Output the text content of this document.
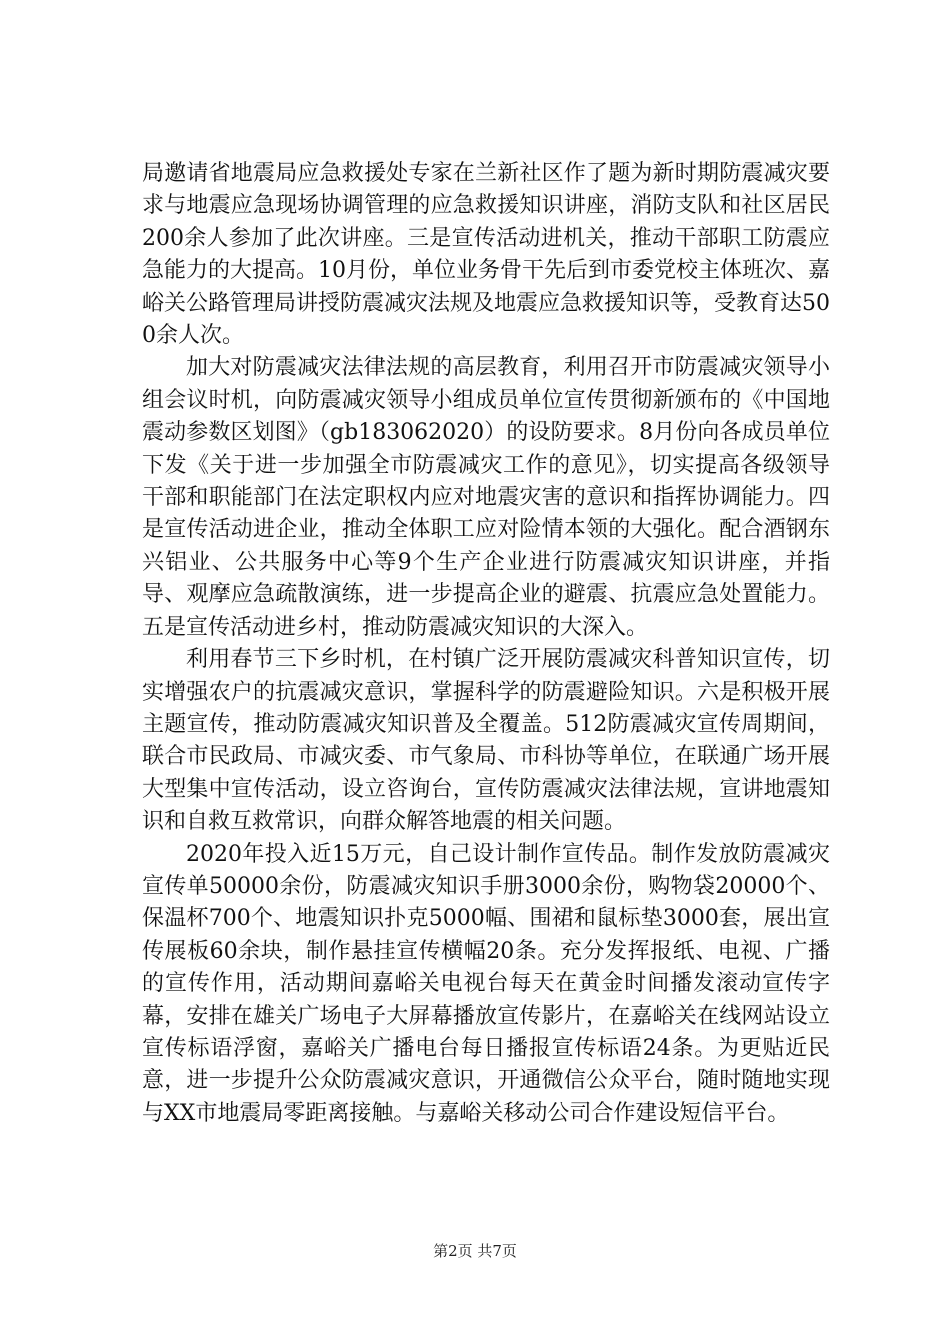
局邀请省地震局应急救援处专家在兰新社区作了题为新时期防震减灾要求与地震应急现场协调管理的应急救援知识讲座，消防支队和社区居民200余人参加了此次讲座。三是宣传活动进机关，推动干部职工防震应急能力的大提高。10月份，单位业务骨干先后到市委党校主体班次、嘉峪关公路管理局讲授防震减灾法规及地震应急救援知识等，受教育达500余人次。

加大对防震减灾法律法规的高层教育，利用召开市防震减灾领导小组会议时机，向防震减灾领导小组成员单位宣传贯彻新颁布的《中国地震动参数区划图》（gb183062020）的设防要求。8月份向各成员单位下发《关于进一步加强全市防震减灾工作的意见》，切实提高各级领导干部和职能部门在法定职权内应对地震灾害的意识和指挥协调能力。四是宣传活动进企业，推动全体职工应对险情本领的大强化。配合酒钢东兴铝业、公共服务中心等9个生产企业进行防震减灾知识讲座，并指导、观摩应急疏散演练，进一步提高企业的避震、抗震应急处置能力。五是宣传活动进乡村，推动防震减灾知识的大深入。

利用春节三下乡时机，在村镇广泛开展防震减灾科普知识宣传，切实增强农户的抗震减灾意识，掌握科学的防震避险知识。六是积极开展主题宣传，推动防震减灾知识普及全覆盖。512防震减灾宣传周期间，联合市民政局、市减灾委、市气象局、市科协等单位，在联通广场开展大型集中宣传活动，设立咨询台，宣传防震减灾法律法规，宣讲地震知识和自救互救常识，向群众解答地震的相关问题。

2020年投入近15万元，自己设计制作宣传品。制作发放防震减灾宣传单50000余份，防震减灾知识手册3000余份，购物袋20000个、保温杯700个、地震知识扑克5000幅、围裙和鼠标垫3000套，展出宣传展板60余块，制作悬挂宣传横幅20条。充分发挥报纸、电视、广播的宣传作用，活动期间嘉峪关电视台每天在黄金时间播发滚动宣传字幕，安排在雄关广场电子大屏幕播放宣传影片，在嘉峪关在线网站设立宣传标语浮窗，嘉峪关广播电台每日播报宣传标语24条。为更贴近民意，进一步提升公众防震减灾意识，开通微信公众平台，随时随地实现与XX市地震局零距离接触。与嘉峪关移动公司合作建设短信平台。

第2页 共7页
